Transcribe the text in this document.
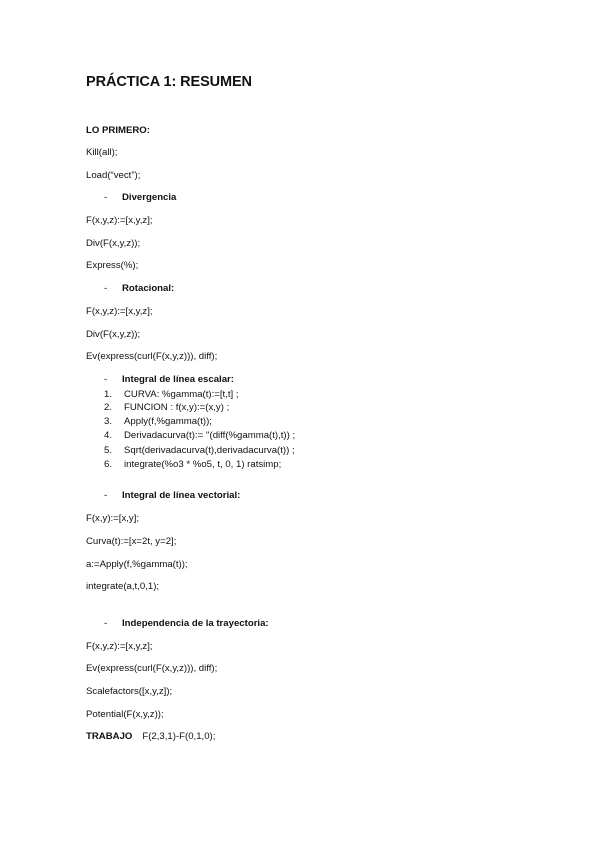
PRÁCTICA 1: RESUMEN
LO PRIMERO:
Kill(all);
Load(“vect”);
- Divergencia
F(x,y,z):=[x,y,z];
Div(F(x,y,z));
Express(%);
- Rotacional:
F(x,y,z):=[x,y,z];
Div(F(x,y,z));
Ev(express(curl(F(x,y,z))), diff);
- Integral de línea escalar:
1. CURVA: %gamma(t):=[t,t] ;
2. FUNCION : f(x,y):=(x,y) ;
3. Apply(f,%gamma(t));
4. Derivadacurva(t):= ''(diff(%gamma(t),t)) ;
5. Sqrt(derivadacurva(t),derivadacurva(t)) ;
6. integrate(%o3 * %o5, t, 0, 1) ratsimp;
- Integral de línea vectorial:
F(x,y):=[x,y];
Curva(t):=[x=2t, y=2];
a:=Apply(f,%gamma(t));
integrate(a,t,0,1);
- Independencia de la trayectoria:
F(x,y,z):=[x,y,z];
Ev(express(curl(F(x,y,z))), diff);
Scalefactors([x,y,z]);
Potential(F(x,y,z));
TRABAJO F(2,3,1)-F(0,1,0);
